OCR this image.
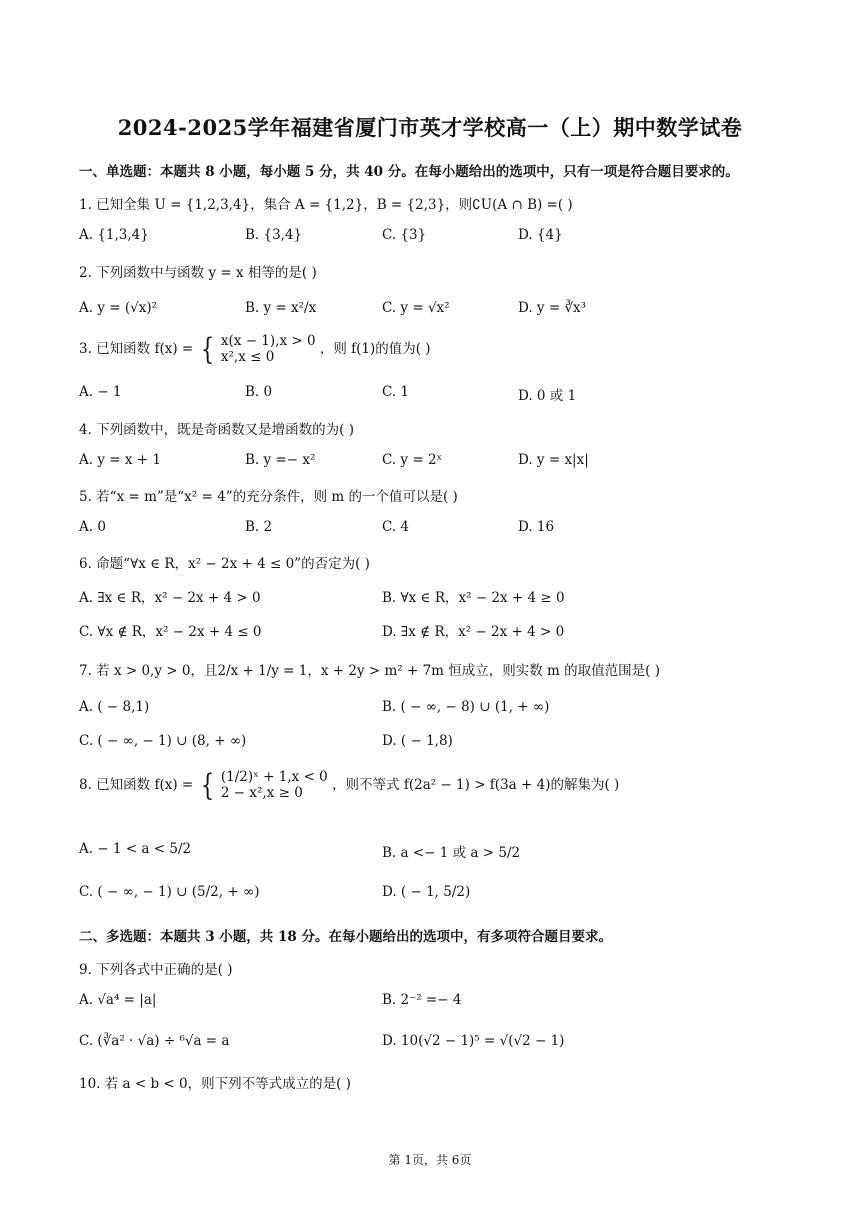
2024-2025学年福建省厦门市英才学校高一（上）期中数学试卷
一、单选题：本题共 8 小题，每小题 5 分，共 40 分。在每小题给出的选项中，只有一项是符合题目要求的。
1. 已知全集 U = {1,2,3,4}，集合 A = {1,2}，B = {2,3}，则∁U(A ∩ B) =( )
A. {1,3,4}	B. {3,4}	C. {3}	D. {4}
2. 下列函数中与函数 y = x 相等的是( )
A. y = (√x)²	B. y = x²/x	C. y = √x²	D. y = ∛x³
3. 已知函数 f(x) = { x(x − 1),x > 0
x²,x ≤ 0	，则 f(1)的值为( )
A. − 1	B. 0	C. 1	D. 0 或 1
4. 下列函数中，既是奇函数又是增函数的为( )
A. y = x + 1	B. y =− x²	C. y = 2ˣ	D. y = x|x|
5. 若“x = m”是“x² = 4”的充分条件，则 m 的一个值可以是( )
A. 0	B. 2	C. 4	D. 16
6. 命题“∀x ∈ R，x² − 2x + 4 ≤ 0”的否定为( )
A. ∃x ∈ R，x² − 2x + 4 > 0	B. ∀x ∈ R，x² − 2x + 4 ≥ 0
C. ∀x ∉ R，x² − 2x + 4 ≤ 0	D. ∃x ∉ R，x² − 2x + 4 > 0
7. 若 x > 0,y > 0，且2/x + 1/y = 1，x + 2y > m² + 7m 恒成立，则实数 m 的取值范围是( )
A. ( − 8,1)	B. ( − ∞, − 8) ∪ (1, + ∞)
C. ( − ∞, − 1) ∪ (8, + ∞)	D. ( − 1,8)
8. 已知函数 f(x) = { (1/2)ˣ + 1,x < 0
2 − x²,x ≥ 0	，则不等式 f(2a² − 1) > f(3a + 4)的解集为( )
A. − 1 < a < 5/2	B. a <− 1 或 a > 5/2
C. ( − ∞, − 1) ∪ (5/2, + ∞)	D. ( − 1, 5/2)
二、多选题：本题共 3 小题，共 18 分。在每小题给出的选项中，有多项符合题目要求。
9. 下列各式中正确的是( )
A. √a⁴ = |a|	B. 2⁻² =− 4
C. (∛a² · √a) ÷ ⁶√a = a	D. 10(√2 − 1)⁵ = √(√2 − 1)
10. 若 a < b < 0，则下列不等式成立的是( )
第 1页，共 6页
